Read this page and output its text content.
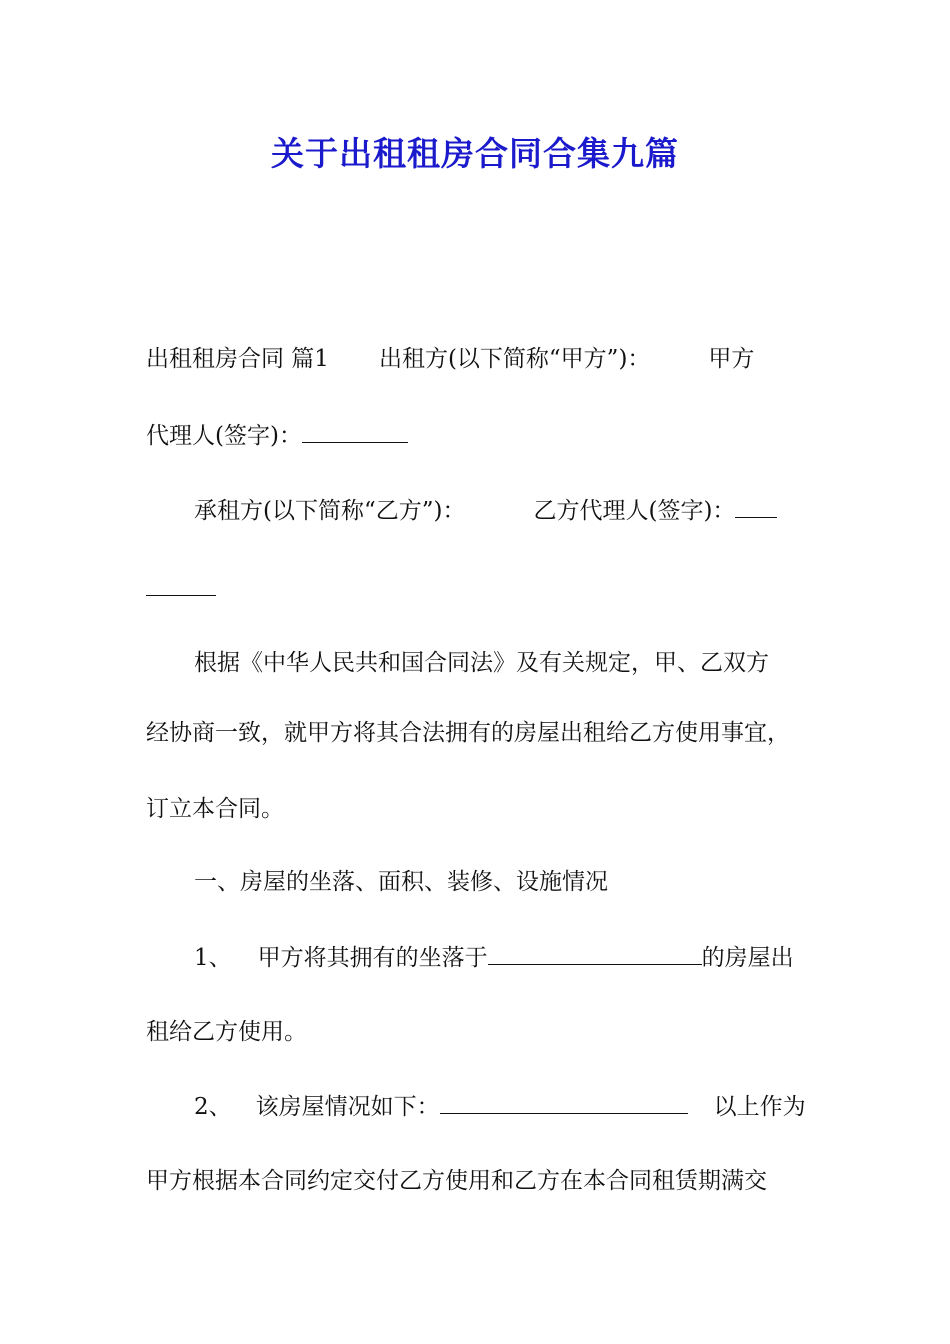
关于出租租房合同合集九篇
出租租房合同 篇1 出租方(以下简称“甲方”)：	甲方
代理人(签字)：
承租方(以下简称“乙方”)：	乙方代理人(签字)：
根据《中华人民共和国合同法》及有关规定，甲、乙双方
经协商一致，就甲方将其合法拥有的房屋出租给乙方使用事宜，
订立本合同。
一、房屋的坐落、面积、装修、设施情况
1、 甲方将其拥有的坐落于	的房屋出
租给乙方使用。
2、 该房屋情况如下：	以上作为
甲方根据本合同约定交付乙方使用和乙方在本合同租赁期满交
